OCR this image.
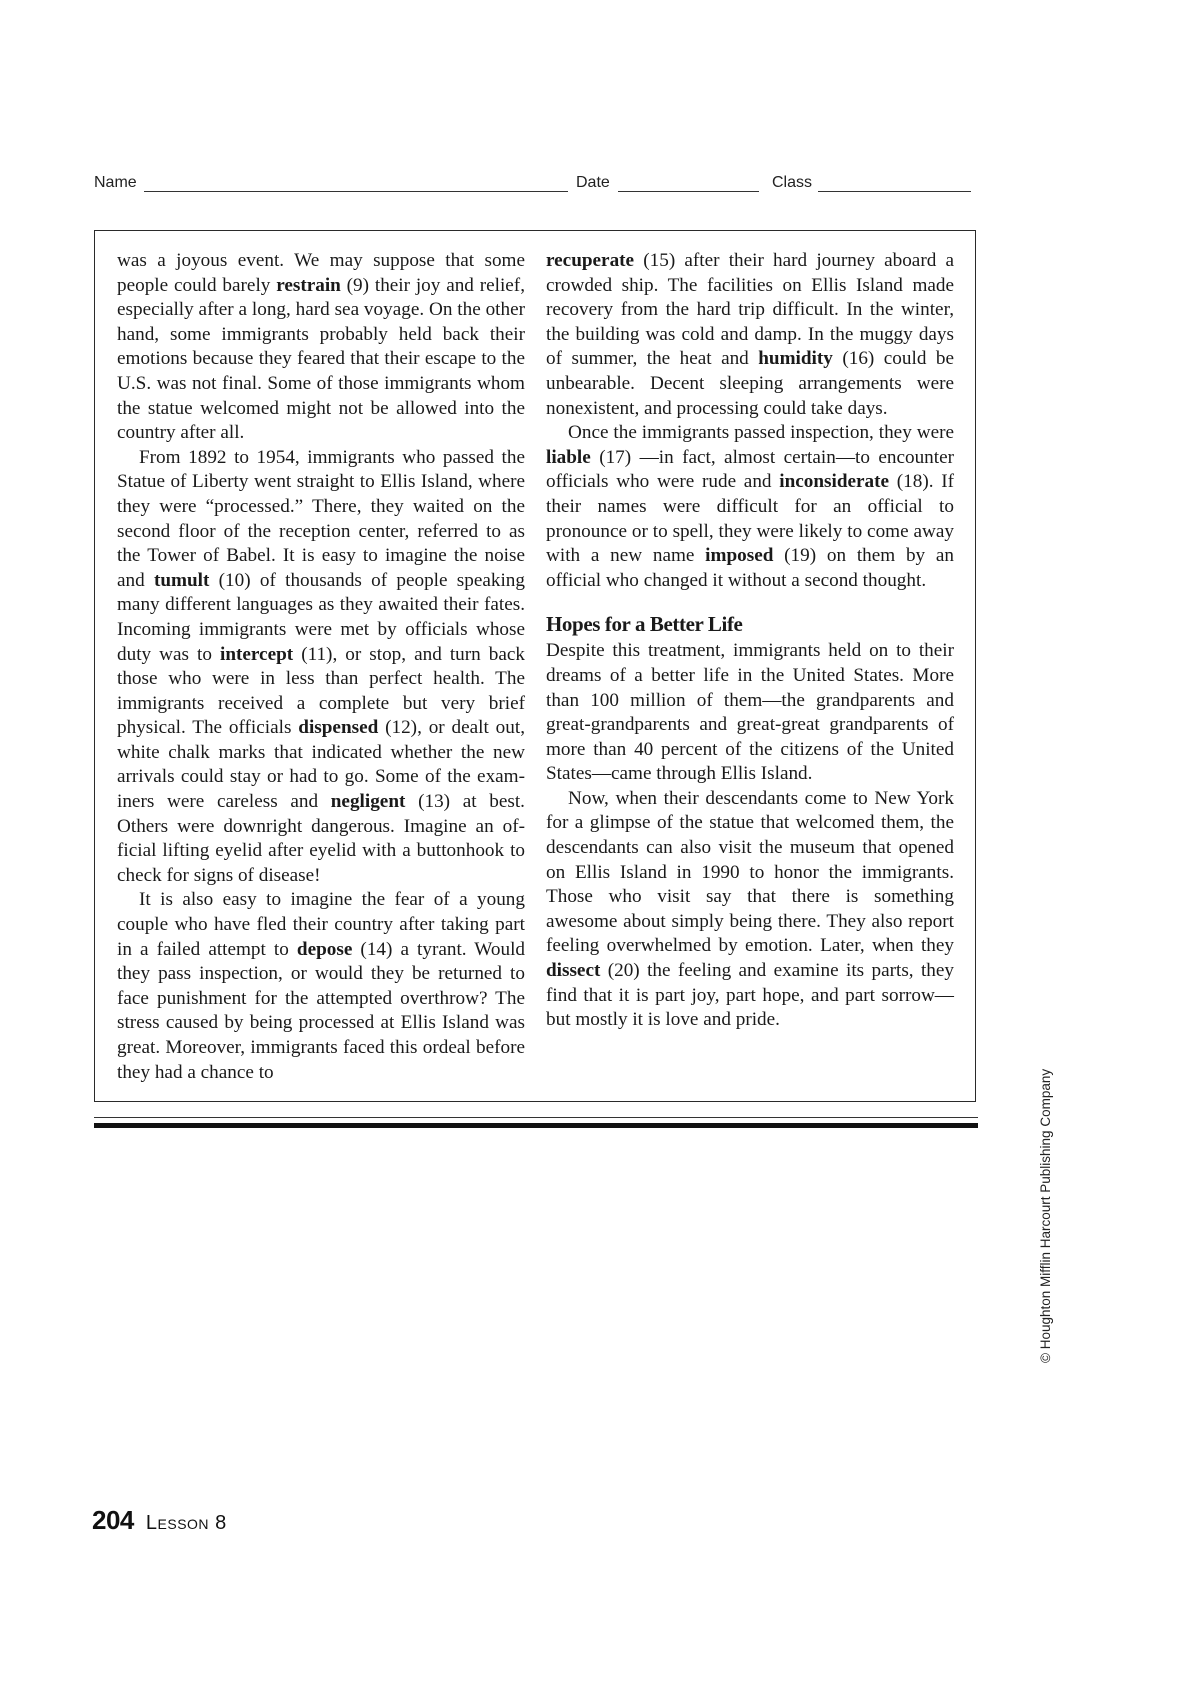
Name	Date	Class

was a joyous event. We may suppose that some people could barely restrain (9) their joy and relief, especially after a long, hard sea voyage. On the other hand, some immigrants probably held back their emotions because they feared that their escape to the U.S. was not final. Some of those immigrants whom the statue welcomed might not be allowed into the country after all.

From 1892 to 1954, immigrants who passed the Statue of Liberty went straight to Ellis Island, where they were “processed.” There, they waited on the second floor of the reception center, referred to as the Tower of Babel. It is easy to imagine the noise and tumult (10) of thousands of people speaking many different languages as they awaited their fates. Incoming immigrants were met by officials whose duty was to intercept (11), or stop, and turn back those who were in less than perfect health. The immigrants received a complete but very brief physical. The officials dispensed (12), or dealt out, white chalk marks that indicated whether the new arrivals could stay or had to go. Some of the examiners were careless and negligent (13) at best. Others were downright dangerous. Imagine an official lifting eyelid after eyelid with a buttonhook to check for signs of disease!

It is also easy to imagine the fear of a young couple who have fled their country after taking part in a failed attempt to depose (14) a tyrant. Would they pass inspection, or would they be returned to face punishment for the attempted overthrow? The stress caused by being processed at Ellis Island was great. Moreover, immigrants faced this ordeal before they had a chance to

recuperate (15) after their hard journey aboard a crowded ship. The facilities on Ellis Island made recovery from the hard trip difficult. In the winter, the building was cold and damp. In the muggy days of summer, the heat and humidity (16) could be unbearable. Decent sleeping arrangements were nonexistent, and processing could take days.

Once the immigrants passed inspection, they were liable (17) —in fact, almost certain—to encounter officials who were rude and inconsiderate (18). If their names were difficult for an official to pronounce or to spell, they were likely to come away with a new name imposed (19) on them by an official who changed it without a second thought.

Hopes for a Better Life

Despite this treatment, immigrants held on to their dreams of a better life in the United States. More than 100 million of them—the grandparents and great-grandparents and great-great grandparents of more than 40 percent of the citizens of the United States—came through Ellis Island.

Now, when their descendants come to New York for a glimpse of the statue that welcomed them, the descendants can also visit the museum that opened on Ellis Island in 1990 to honor the immigrants. Those who visit say that there is something awesome about simply being there. They also report feeling overwhelmed by emotion. Later, when they dissect (20) the feeling and examine its parts, they find that it is part joy, part hope, and part sorrow—but mostly it is love and pride.

© Houghton Mifflin Harcourt Publishing Company
204 Lesson 8
